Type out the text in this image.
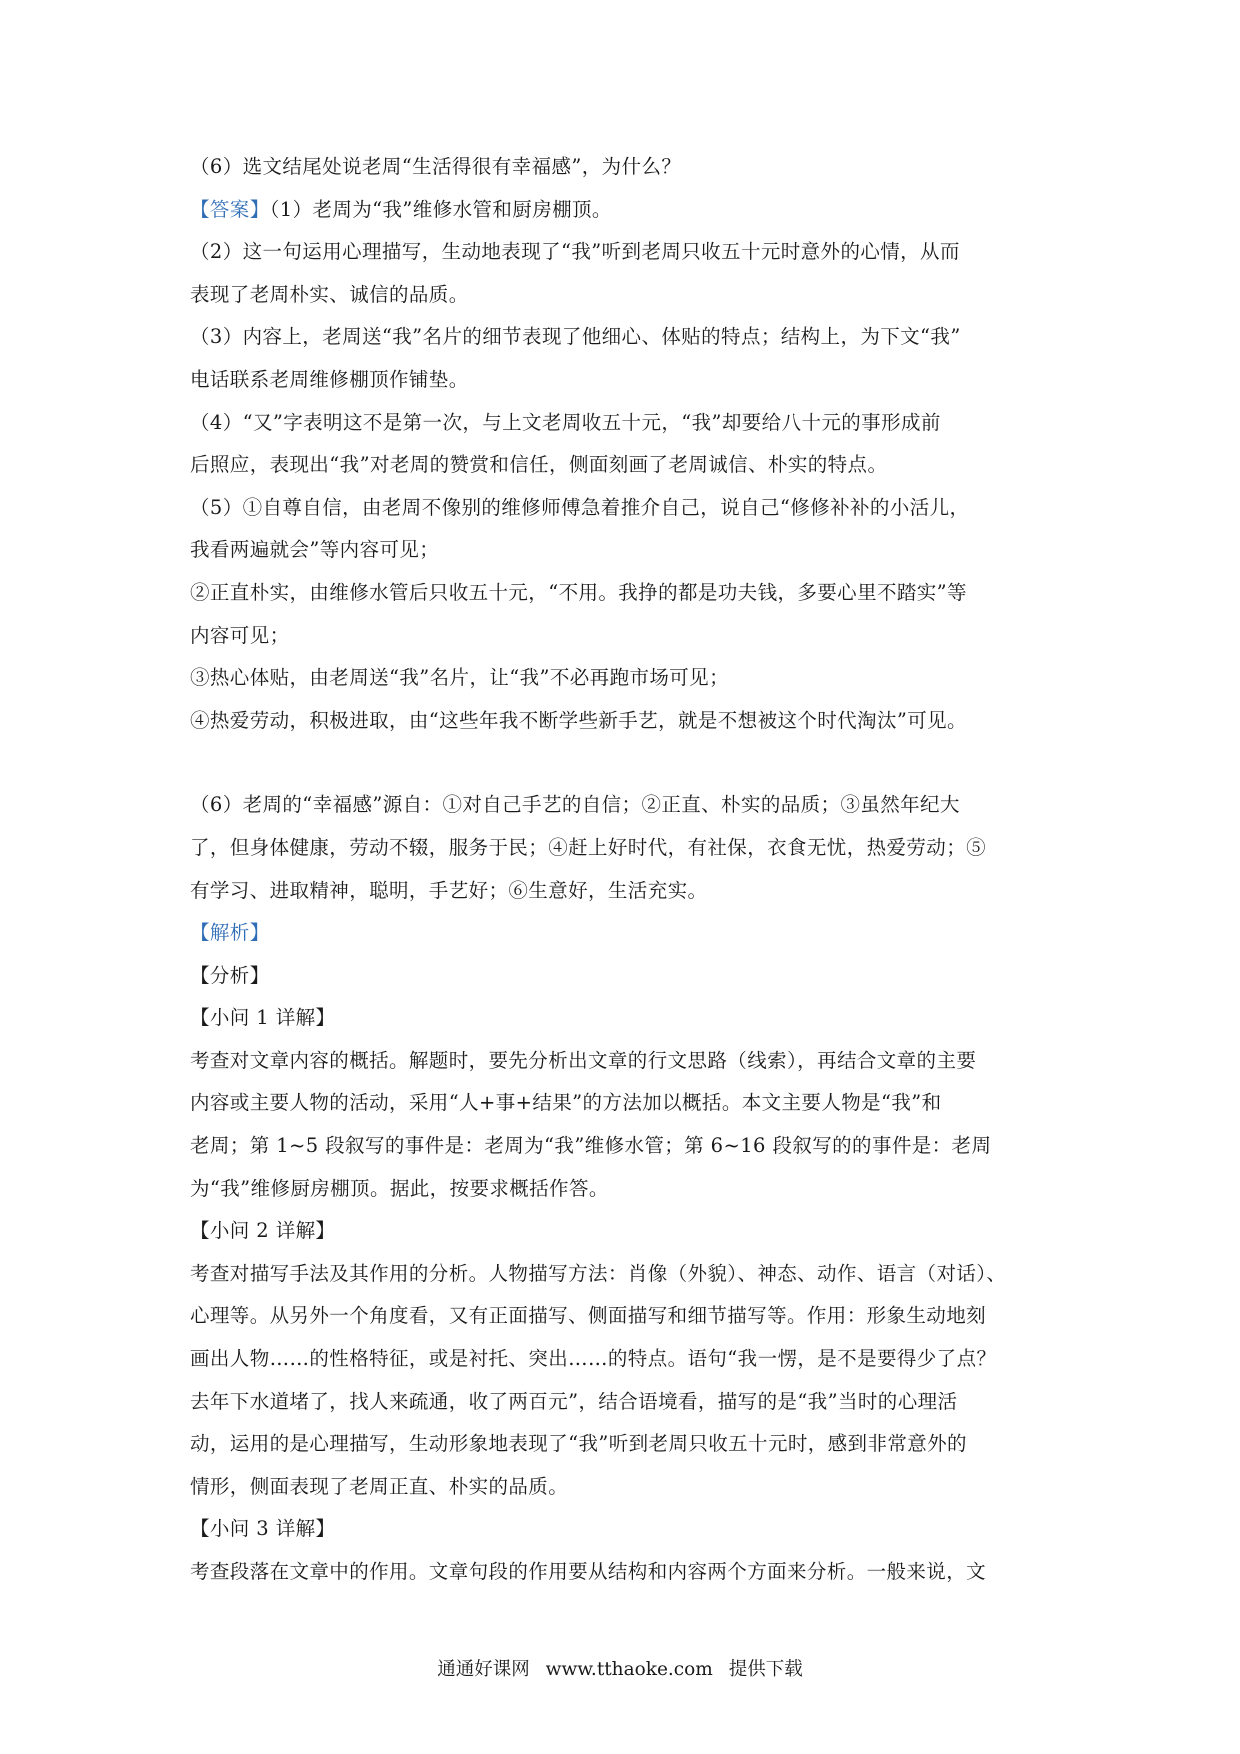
（6）选文结尾处说老周“生活得很有幸福感”，为什么？
【答案】（1）老周为“我”维修水管和厨房棚顶。
（2）这一句运用心理描写，生动地表现了“我”听到老周只收五十元时意外的心情，从而
表现了老周朴实、诚信的品质。
（3）内容上，老周送“我”名片的细节表现了他细心、体贴的特点；结构上，为下文“我”
电话联系老周维修棚顶作铺垫。
（4）“又”字表明这不是第一次，与上文老周收五十元，“我”却要给八十元的事形成前
后照应，表现出“我”对老周的赞赏和信任，侧面刻画了老周诚信、朴实的特点。
（5）①自尊自信，由老周不像别的维修师傅急着推介自己，说自己“修修补补的小活儿，
我看两遍就会”等内容可见；
②正直朴实，由维修水管后只收五十元，“不用。我挣的都是功夫钱，多要心里不踏实”等
内容可见；
③热心体贴，由老周送“我”名片，让“我”不必再跑市场可见；
④热爱劳动，积极进取，由“这些年我不断学些新手艺，就是不想被这个时代淘汰”可见。
（6）老周的“幸福感”源自：①对自己手艺的自信；②正直、朴实的品质；③虽然年纪大
了，但身体健康，劳动不辍，服务于民；④赶上好时代，有社保，衣食无忧，热爱劳动；⑤
有学习、进取精神，聪明，手艺好；⑥生意好，生活充实。
【解析】
【分析】
【小问 1 详解】
考查对文章内容的概括。解题时，要先分析出文章的行文思路（线索），再结合文章的主要
内容或主要人物的活动，采用“人+事+结果”的方法加以概括。本文主要人物是“我”和
老周；第 1~5 段叙写的事件是：老周为“我”维修水管；第 6~16 段叙写的的事件是：老周
为“我”维修厨房棚顶。据此，按要求概括作答。
【小问 2 详解】
考查对描写手法及其作用的分析。人物描写方法：肖像（外貌）、神态、动作、语言（对话）、
心理等。从另外一个角度看，又有正面描写、侧面描写和细节描写等。作用：形象生动地刻
画出人物……的性格特征，或是衬托、突出……的特点。语句“我一愣，是不是要得少了点？
去年下水道堵了，找人来疏通，收了两百元”，结合语境看，描写的是“我”当时的心理活
动，运用的是心理描写，生动形象地表现了“我”听到老周只收五十元时，感到非常意外的
情形，侧面表现了老周正直、朴实的品质。
【小问 3 详解】
考查段落在文章中的作用。文章句段的作用要从结构和内容两个方面来分析。一般来说，文
通通好课网 www.tthaoke.com 提供下载
